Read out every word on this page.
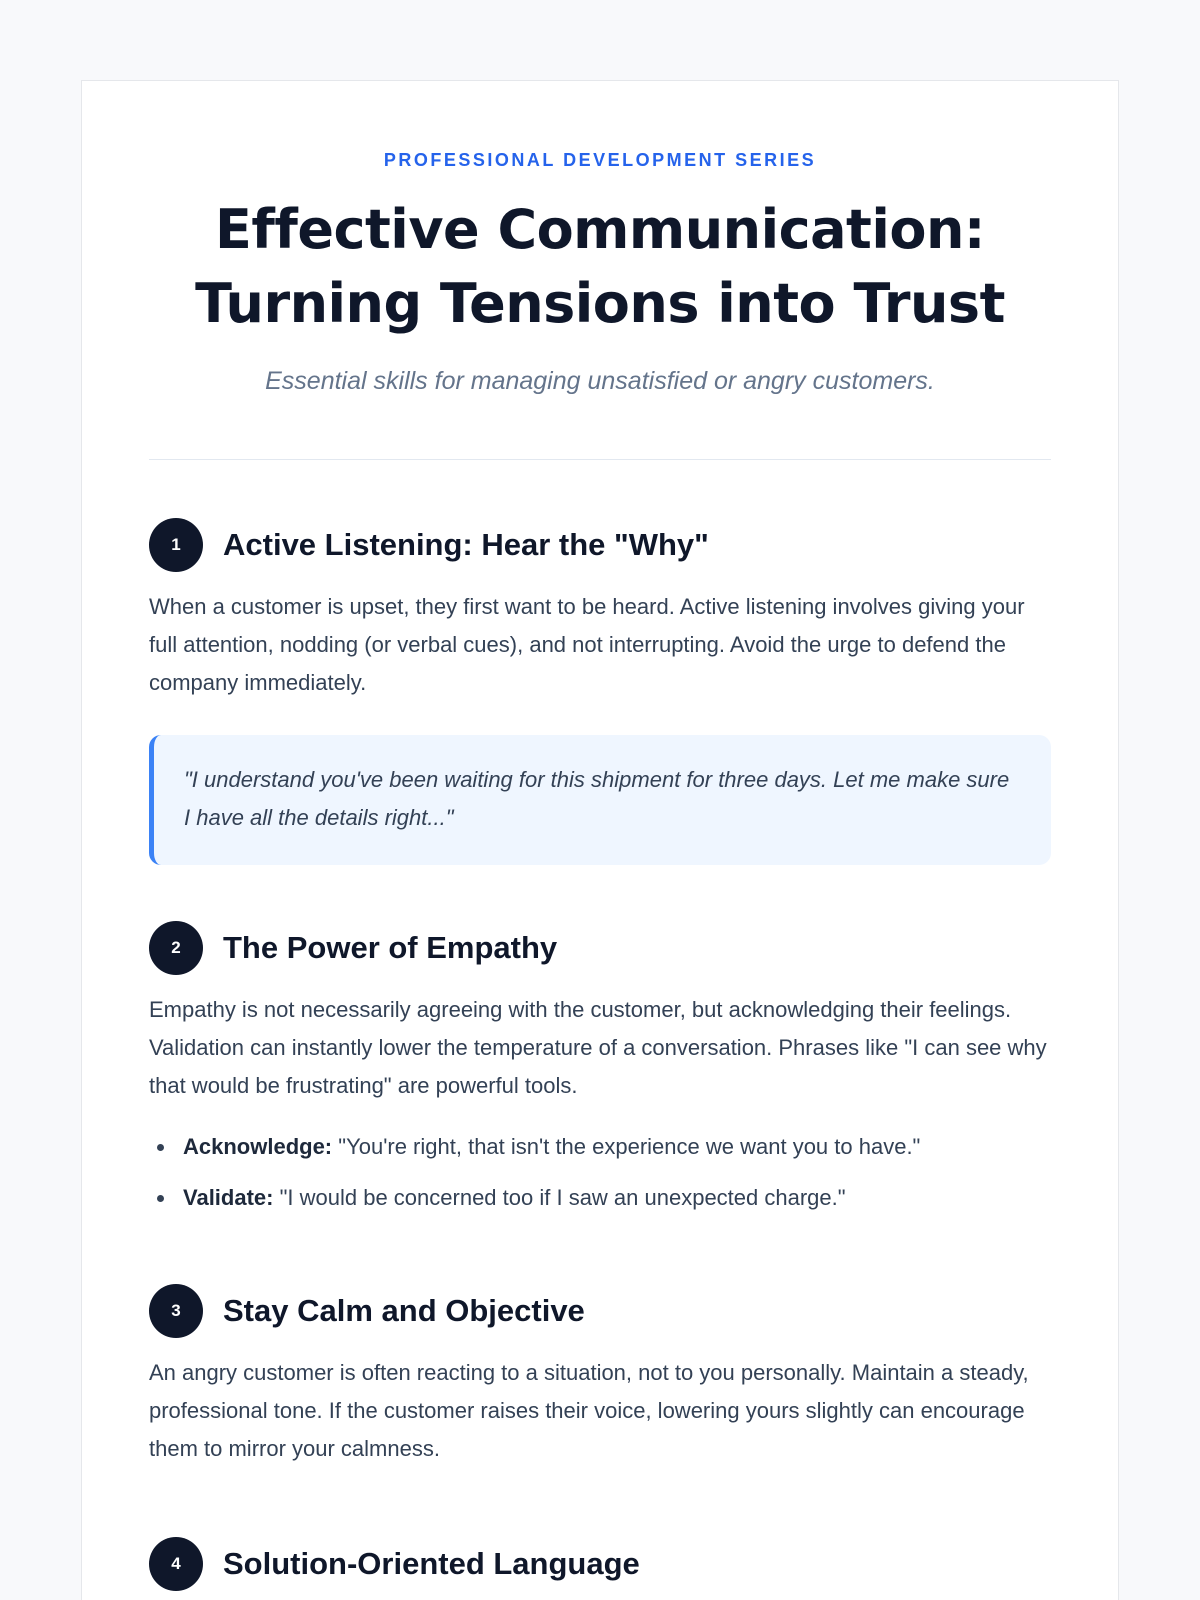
PROFESSIONAL DEVELOPMENT SERIES
Effective Communication:
Turning Tensions into Trust
Essential skills for managing unsatisfied or angry customers.
1	Active Listening: Hear the "Why"

When a customer is upset, they first want to be heard. Active listening involves giving your full attention, nodding (or verbal cues), and not interrupting. Avoid the urge to defend the company immediately.

"I understand you've been waiting for this shipment for three days. Let me make sure I have all the details right..."
2	The Power of Empathy

Empathy is not necessarily agreeing with the customer, but acknowledging their feelings. Validation can instantly lower the temperature of a conversation. Phrases like "I can see why that would be frustrating" are powerful tools.

Acknowledge: "You're right, that isn't the experience we want you to have."
Validate: "I would be concerned too if I saw an unexpected charge."
3	Stay Calm and Objective

An angry customer is often reacting to a situation, not to you personally. Maintain a steady, professional tone. If the customer raises their voice, lowering yours slightly can encourage them to mirror your calmness.

4	Solution-Oriented Language
